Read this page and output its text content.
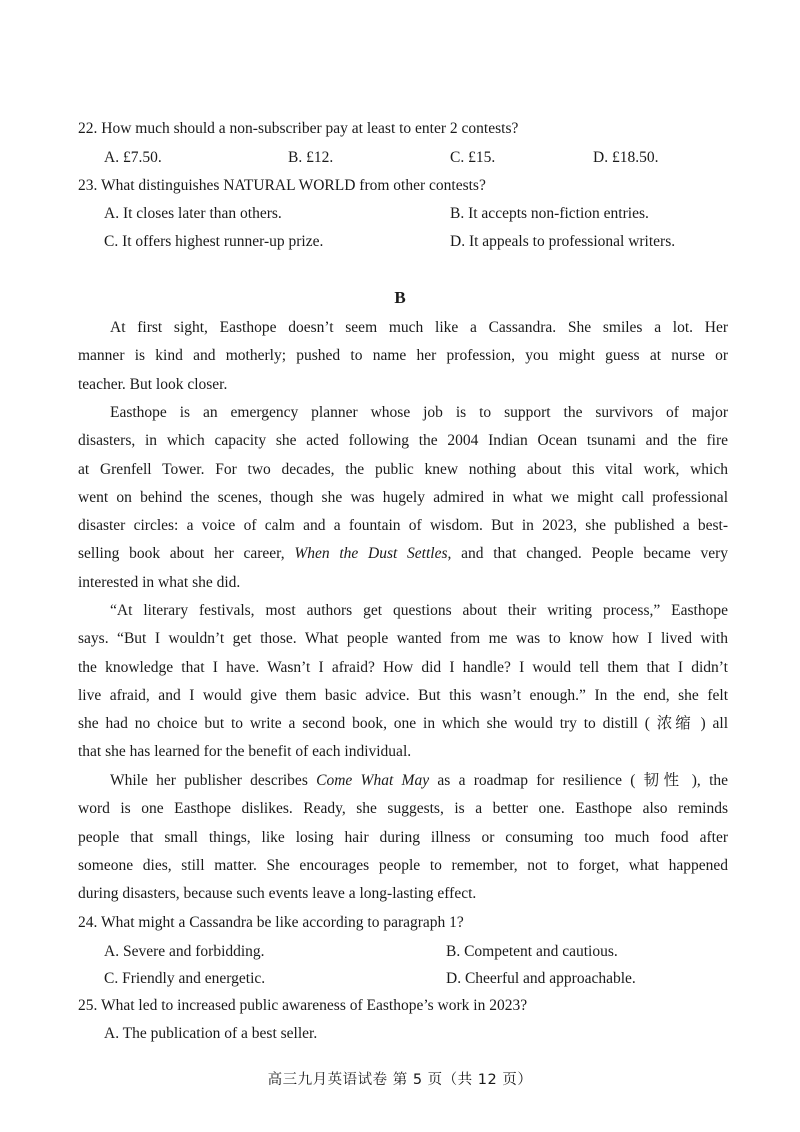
22. How much should a non-subscriber pay at least to enter 2 contests?
A. £7.50.	B. £12.	C. £15.	D. £18.50.
23. What distinguishes NATURAL WORLD from other contests?
A. It closes later than others.	B. It accepts non-fiction entries.
C. It offers highest runner-up prize.	D. It appeals to professional writers.
B
At first sight, Easthope doesn’t seem much like a Cassandra. She smiles a lot. Her
manner is kind and motherly; pushed to name her profession, you might guess at nurse or
teacher. But look closer.
Easthope is an emergency planner whose job is to support the survivors of major
disasters, in which capacity she acted following the 2004 Indian Ocean tsunami and the fire
at Grenfell Tower. For two decades, the public knew nothing about this vital work, which
went on behind the scenes, though she was hugely admired in what we might call professional
disaster circles: a voice of calm and a fountain of wisdom. But in 2023, she published a best-
selling book about her career, When the Dust Settles, and that changed. People became very
interested in what she did.
“At literary festivals, most authors get questions about their writing process,” Easthope
says. “But I wouldn’t get those. What people wanted from me was to know how I lived with
the knowledge that I have. Wasn’t I afraid? How did I handle? I would tell them that I didn’t
live afraid, and I would give them basic advice. But this wasn’t enough.” In the end, she felt
she had no choice but to write a second book, one in which she would try to distill ( 浓缩 ) all
that she has learned for the benefit of each individual.
While her publisher describes Come What May as a roadmap for resilience ( 韧性 ), the
word is one Easthope dislikes. Ready, she suggests, is a better one. Easthope also reminds
people that small things, like losing hair during illness or consuming too much food after
someone dies, still matter. She encourages people to remember, not to forget, what happened
during disasters, because such events leave a long-lasting effect.
24. What might a Cassandra be like according to paragraph 1?
A. Severe and forbidding.	B. Competent and cautious.
C. Friendly and energetic.	D. Cheerful and approachable.
25. What led to increased public awareness of Easthope’s work in 2023?
A. The publication of a best seller.
高三九月英语试卷 第 5 页（共 12 页）
